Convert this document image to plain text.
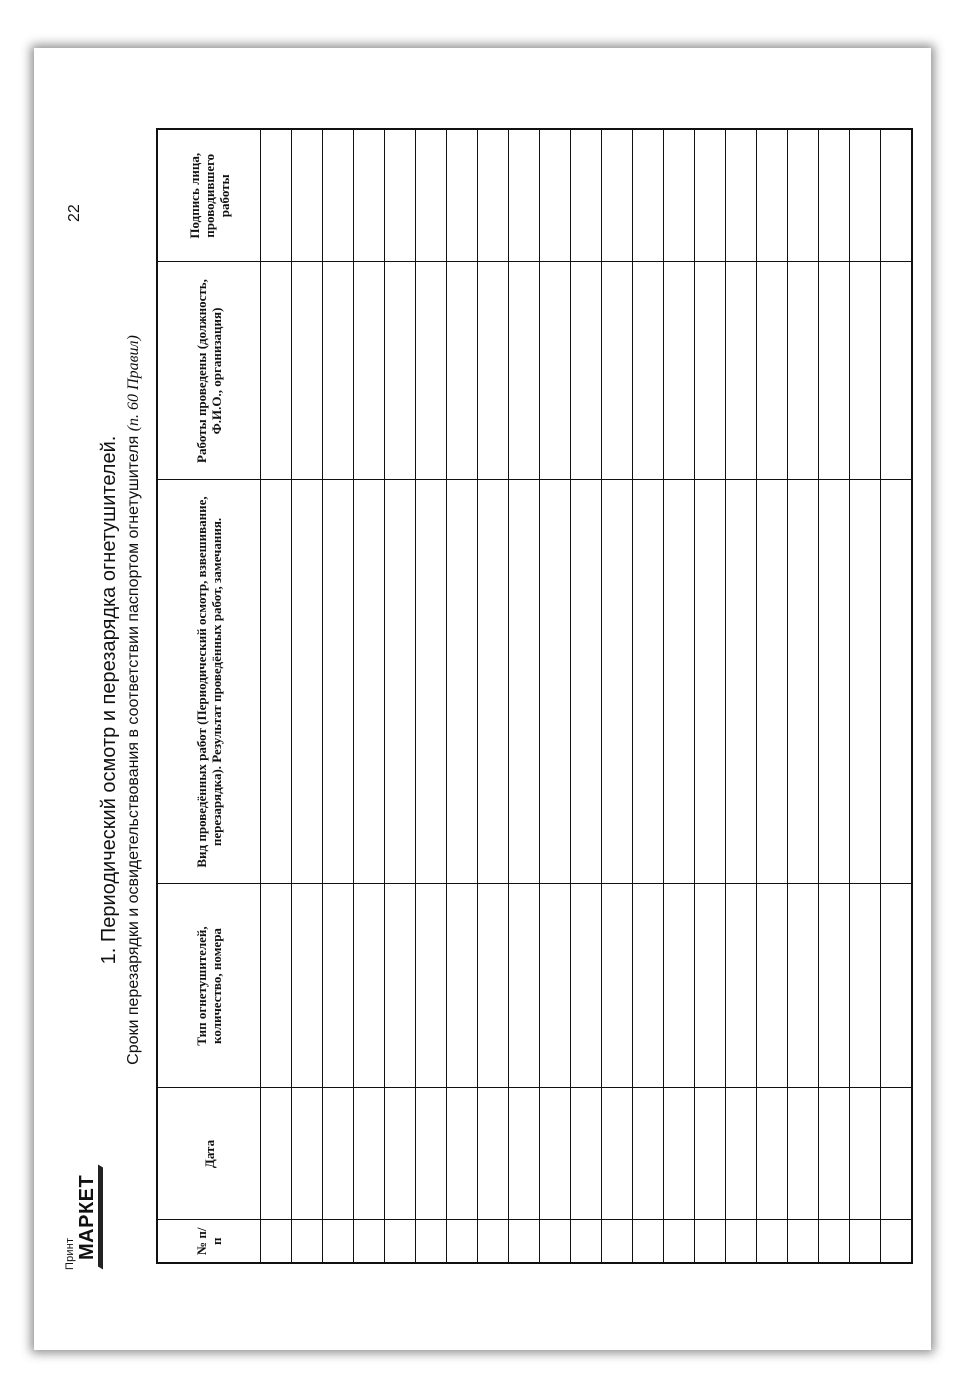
22
Принт МАРКЕТ
1. Периодический осмотр и перезарядка огнетушителей. Сроки перезарядки и освидетельствования в соответствии паспортом огнетушителя (п. 60 Правил)
№ п/п	Дата	Тип огнетушителей, количество, номера	Вид проведённых работ (Периодический осмотр, взвешивание, перезарядка). Результат проведённых работ, замечания.	Работы проведены (должность, Ф.И.О., организация)	Подпись лица, проводившего работы
